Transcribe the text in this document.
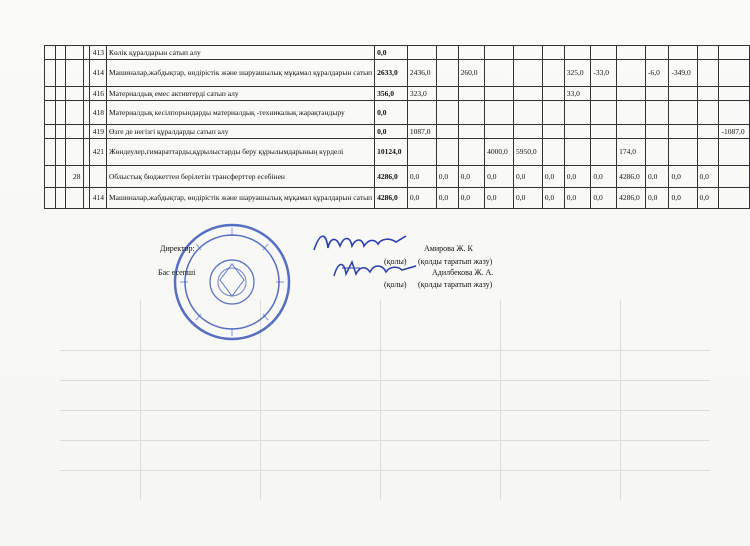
				413	Көлік құралдарын сатып алу	0,0													
				414	Машиналар,жабдықтар, өндірістік және шаруашылық мұқамал құралдарын сатып	2633,0	2436,0		260,0				325,0	-33,0		-6,0	-349,0		
				416	Материалдық емес активтерді сатып алу	356,0	323,0						33,0						
				418	Материалдық кесілпорындарды материалдық -техникалық жарақтандыру	0,0													
				419	Өзге де негізгі құралдарды сатып алу	0,0	1087,0												-1087,0
				421	Жөндеулер,ғимараттарды,құрылыстарды беру құрылымдарының күрделі	10124,0				4000,0	5950,0				174,0				
		28			Облыстық бюджеттен берілетін трансферттер есебінен	4286,0	0,0	0,0	0,0	0,0	0,0	0,0	0,0	0,0	4286,0	0,0	0,0	0,0	
				414	Машиналар,жабдықтар, өндірістік және шаруашылық мұқамал құралдарын сатып	4286,0	0,0	0,0	0,0	0,0	0,0	0,0	0,0	0,0	4286,0	0,0	0,0	0,0	
Директор:	Амирова Ж. К
(қолы) (қолды таратып жазу)
Бас есепші	Адилбекова Ж. А.
(қолы) (қолды таратып жазу)
